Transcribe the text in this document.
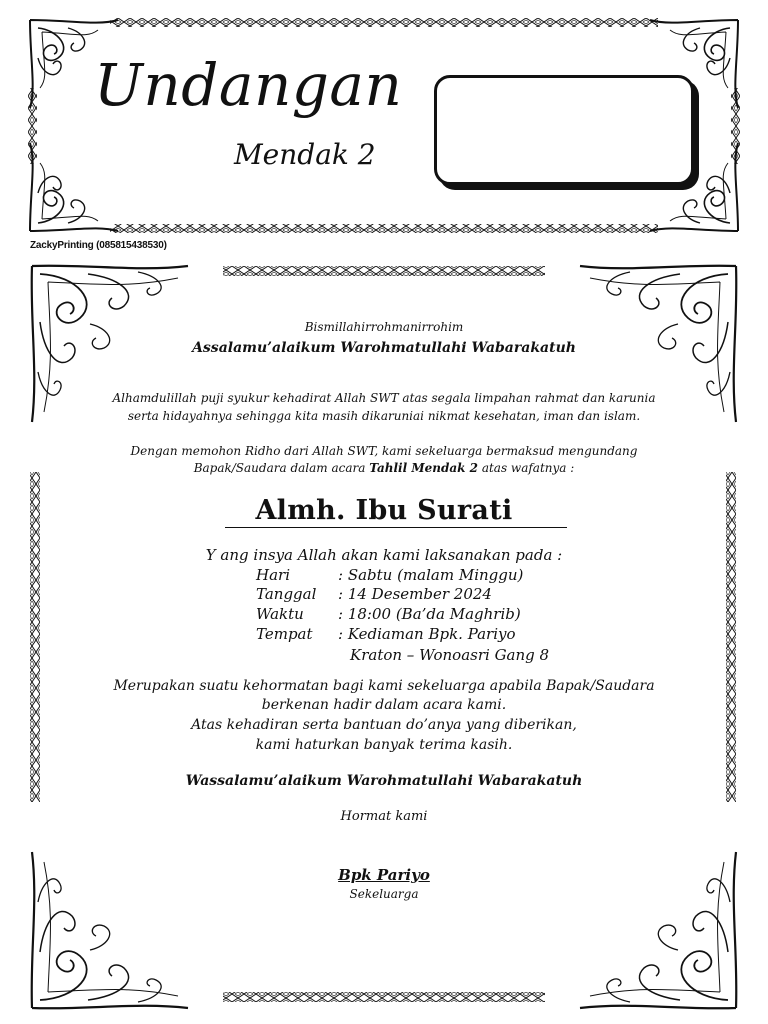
Undangan
Mendak 2
ZackyPrinting (085815438530)
Bismillahirrohmanirrohim
Assalamu’alaikum Warohmatullahi Wabarakatuh
Alhamdulillah puji syukur kehadirat Allah SWT atas segala limpahan rahmat dan karunia
serta hidayahnya sehingga kita masih dikaruniai nikmat kesehatan, iman dan islam.
Dengan memohon Ridho dari Allah SWT, kami sekeluarga bermaksud mengundang
Bapak/Saudara dalam acara Tahlil Mendak 2 atas wafatnya :
Almh. Ibu Surati
Y ang insya Allah akan kami laksanakan pada :
Hari	: Sabtu (malam Minggu)
Tanggal : 14 Desember 2024
Waktu : 18:00 (Ba’da Maghrib)
Tempat : Kediaman Bpk. Pariyo
Kraton – Wonoasri Gang 8
Merupakan suatu kehormatan bagi kami sekeluarga apabila Bapak/Saudara
berkenan hadir dalam acara kami.
Atas kehadiran serta bantuan do’anya yang diberikan,
kami haturkan banyak terima kasih.
Wassalamu’alaikum Warohmatullahi Wabarakatuh
Hormat kami
Bpk Pariyo
Sekeluarga
